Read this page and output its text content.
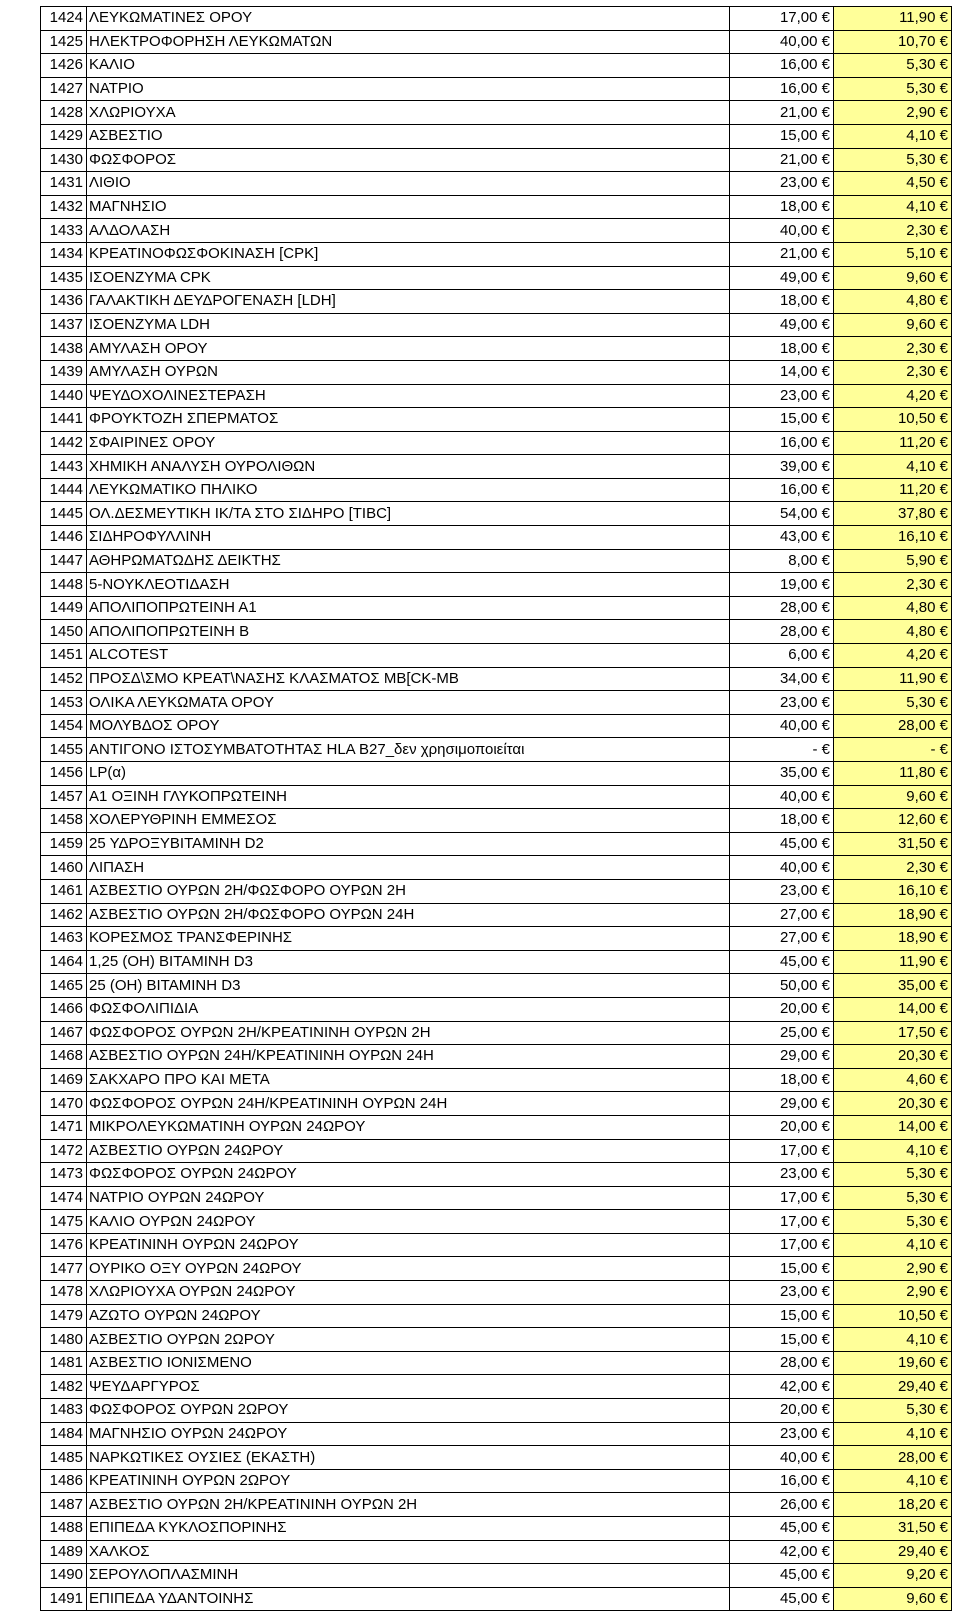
1424	ΛΕΥΚΩΜΑΤΙΝΕΣ ΟΡΟΥ	17,00 €	11,90 €
1425	ΗΛΕΚΤΡΟΦΟΡΗΣΗ ΛΕΥΚΩΜΑΤΩΝ	40,00 €	10,70 €
1426	ΚΑΛΙΟ	16,00 €	5,30 €
1427	ΝΑΤΡΙΟ	16,00 €	5,30 €
1428	ΧΛΩΡΙΟΥΧΑ	21,00 €	2,90 €
1429	ΑΣΒΕΣΤΙΟ	15,00 €	4,10 €
1430	ΦΩΣΦΟΡΟΣ	21,00 €	5,30 €
1431	ΛΙΘΙΟ	23,00 €	4,50 €
1432	ΜΑΓΝΗΣΙΟ	18,00 €	4,10 €
1433	ΑΛΔΟΛΑΣΗ	40,00 €	2,30 €
1434	ΚΡΕΑΤΙΝΟΦΩΣΦΟΚΙΝΑΣΗ [CPK]	21,00 €	5,10 €
1435	ΙΣΟΕΝΖΥΜΑ CPK	49,00 €	9,60 €
1436	ΓΑΛΑΚΤΙΚΗ ΔΕΥΔΡΟΓΕΝΑΣΗ [LDH]	18,00 €	4,80 €
1437	ΙΣΟΕΝΖΥΜΑ LDH	49,00 €	9,60 €
1438	ΑΜΥΛΑΣΗ ΟΡΟΥ	18,00 €	2,30 €
1439	ΑΜΥΛΑΣΗ ΟΥΡΩΝ	14,00 €	2,30 €
1440	ΨΕΥΔΟΧΟΛΙΝΕΣΤΕΡΑΣΗ	23,00 €	4,20 €
1441	ΦΡΟΥΚΤΟΖΗ ΣΠΕΡΜΑΤΟΣ	15,00 €	10,50 €
1442	ΣΦΑΙΡΙΝΕΣ ΟΡΟΥ	16,00 €	11,20 €
1443	ΧΗΜΙΚΗ ΑΝΑΛΥΣΗ ΟΥΡΟΛΙΘΩΝ	39,00 €	4,10 €
1444	ΛΕΥΚΩΜΑΤΙΚΟ ΠΗΛΙΚΟ	16,00 €	11,20 €
1445	ΟΛ.ΔΕΣΜΕΥΤΙΚΗ ΙΚ/ΤΑ ΣΤΟ ΣΙΔΗΡΟ [TIBC]	54,00 €	37,80 €
1446	ΣΙΔΗΡΟΦΥΛΛΙΝΗ	43,00 €	16,10 €
1447	ΑΘΗΡΩΜΑΤΩΔΗΣ ΔΕΙΚΤΗΣ	8,00 €	5,90 €
1448	5-ΝΟΥΚΛΕΟΤΙΔΑΣΗ	19,00 €	2,30 €
1449	ΑΠΟΛΙΠΟΠΡΩΤΕΙΝΗ Α1	28,00 €	4,80 €
1450	ΑΠΟΛΙΠΟΠΡΩΤΕΙΝΗ Β	28,00 €	4,80 €
1451	ALCOTEST	6,00 €	4,20 €
1452	ΠΡΟΣΔ\ΣΜΟ ΚΡΕΑΤ\ΝΑΣΗΣ ΚΛΑΣΜΑΤΟΣ ΜΒ[CK-MB	34,00 €	11,90 €
1453	ΟΛΙΚΑ ΛΕΥΚΩΜΑΤΑ ΟΡΟΥ	23,00 €	5,30 €
1454	ΜΟΛΥΒΔΟΣ ΟΡΟΥ	40,00 €	28,00 €
1455	ΑΝΤΙΓΟΝΟ ΙΣΤΟΣΥΜΒΑΤΟΤΗΤΑΣ HLA B27_δεν χρησιμοποιείται	- €	- €
1456	LP(α)	35,00 €	11,80 €
1457	Α1 ΟΞΙΝΗ ΓΛΥΚΟΠΡΩΤΕΙΝΗ	40,00 €	9,60 €
1458	ΧΟΛΕΡΥΘΡΙΝΗ ΕΜΜΕΣΟΣ	18,00 €	12,60 €
1459	25 ΥΔΡΟΞΥΒΙΤΑΜΙΝΗ D2	45,00 €	31,50 €
1460	ΛΙΠΑΣΗ	40,00 €	2,30 €
1461	ΑΣΒΕΣΤΙΟ ΟΥΡΩΝ 2Η/ΦΩΣΦΟΡΟ ΟΥΡΩΝ 2Η	23,00 €	16,10 €
1462	ΑΣΒΕΣΤΙΟ ΟΥΡΩΝ 2Η/ΦΩΣΦΟΡΟ ΟΥΡΩΝ 24Η	27,00 €	18,90 €
1463	ΚΟΡΕΣΜΟΣ ΤΡΑΝΣΦΕΡΙΝΗΣ	27,00 €	18,90 €
1464	1,25 (ΟΗ) ΒΙΤΑΜΙΝΗ D3	45,00 €	11,90 €
1465	25 (ΟΗ) ΒΙΤΑΜΙΝΗ D3	50,00 €	35,00 €
1466	ΦΩΣΦΟΛΙΠΙΔΙΑ	20,00 €	14,00 €
1467	ΦΩΣΦΟΡΟΣ ΟΥΡΩΝ 2Η/ΚΡΕΑΤΙΝΙΝΗ ΟΥΡΩΝ 2Η	25,00 €	17,50 €
1468	ΑΣΒΕΣΤΙΟ ΟΥΡΩΝ 24Η/ΚΡΕΑΤΙΝΙΝΗ ΟΥΡΩΝ 24Η	29,00 €	20,30 €
1469	ΣΑΚΧΑΡΟ ΠΡΟ ΚΑΙ ΜΕΤΑ	18,00 €	4,60 €
1470	ΦΩΣΦΟΡΟΣ ΟΥΡΩΝ 24Η/ΚΡΕΑΤΙΝΙΝΗ ΟΥΡΩΝ 24Η	29,00 €	20,30 €
1471	ΜΙΚΡΟΛΕΥΚΩΜΑΤΙΝΗ ΟΥΡΩΝ 24ΩΡΟΥ	20,00 €	14,00 €
1472	ΑΣΒΕΣΤΙΟ ΟΥΡΩΝ 24ΩΡΟΥ	17,00 €	4,10 €
1473	ΦΩΣΦΟΡΟΣ ΟΥΡΩΝ 24ΩΡΟΥ	23,00 €	5,30 €
1474	ΝΑΤΡΙΟ ΟΥΡΩΝ 24ΩΡΟΥ	17,00 €	5,30 €
1475	ΚΑΛΙΟ ΟΥΡΩΝ 24ΩΡΟΥ	17,00 €	5,30 €
1476	ΚΡΕΑΤΙΝΙΝΗ ΟΥΡΩΝ 24ΩΡΟΥ	17,00 €	4,10 €
1477	ΟΥΡΙΚΟ ΟΞΥ ΟΥΡΩΝ 24ΩΡΟΥ	15,00 €	2,90 €
1478	ΧΛΩΡΙΟΥΧΑ ΟΥΡΩΝ 24ΩΡΟΥ	23,00 €	2,90 €
1479	ΑΖΩΤΟ ΟΥΡΩΝ 24ΩΡΟΥ	15,00 €	10,50 €
1480	ΑΣΒΕΣΤΙΟ ΟΥΡΩΝ 2ΩΡΟΥ	15,00 €	4,10 €
1481	ΑΣΒΕΣΤΙΟ ΙΟΝΙΣΜΕΝΟ	28,00 €	19,60 €
1482	ΨΕΥΔΑΡΓΥΡΟΣ	42,00 €	29,40 €
1483	ΦΩΣΦΟΡΟΣ ΟΥΡΩΝ 2ΩΡΟΥ	20,00 €	5,30 €
1484	ΜΑΓΝΗΣΙΟ ΟΥΡΩΝ 24ΩΡΟΥ	23,00 €	4,10 €
1485	ΝΑΡΚΩΤΙΚΕΣ ΟΥΣΙΕΣ (ΕΚΑΣΤΗ)	40,00 €	28,00 €
1486	ΚΡΕΑΤΙΝΙΝΗ ΟΥΡΩΝ 2ΩΡΟΥ	16,00 €	4,10 €
1487	ΑΣΒΕΣΤΙΟ ΟΥΡΩΝ 2Η/ΚΡΕΑΤΙΝΙΝΗ ΟΥΡΩΝ 2Η	26,00 €	18,20 €
1488	ΕΠΙΠΕΔΑ ΚΥΚΛΟΣΠΟΡΙΝΗΣ	45,00 €	31,50 €
1489	ΧΑΛΚΟΣ	42,00 €	29,40 €
1490	ΣΕΡΟΥΛΟΠΛΑΣΜΙΝΗ	45,00 €	9,20 €
1491	ΕΠΙΠΕΔΑ ΥΔΑΝΤΟΙΝΗΣ	45,00 €	9,60 €
